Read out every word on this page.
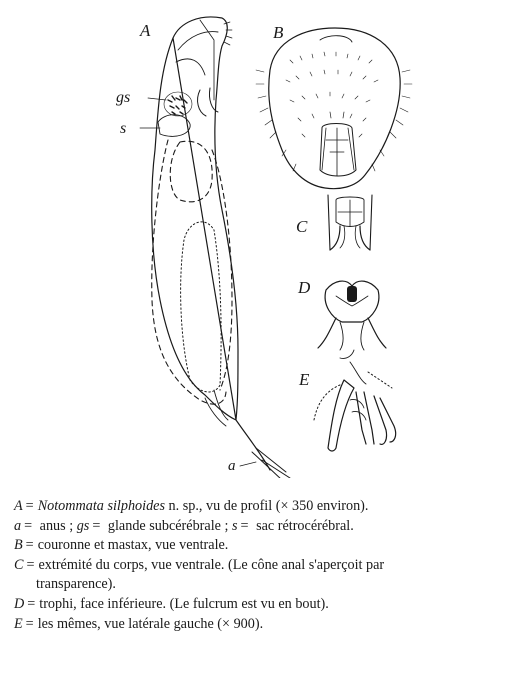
A	B
C
D
E
gs
s
a
A = Notommata silphoides n. sp., vu de profil (× 350 environ).
a = anus ; gs = glande subcérébrale ; s = sac rétrocérébral.
B = couronne et mastax, vue ventrale.
C = extrémité du corps, vue ventrale. (Le cône anal s'aperçoit par
transparence).
D = trophi, face inférieure. (Le fulcrum est vu en bout).
E = les mêmes, vue latérale gauche (× 900).
